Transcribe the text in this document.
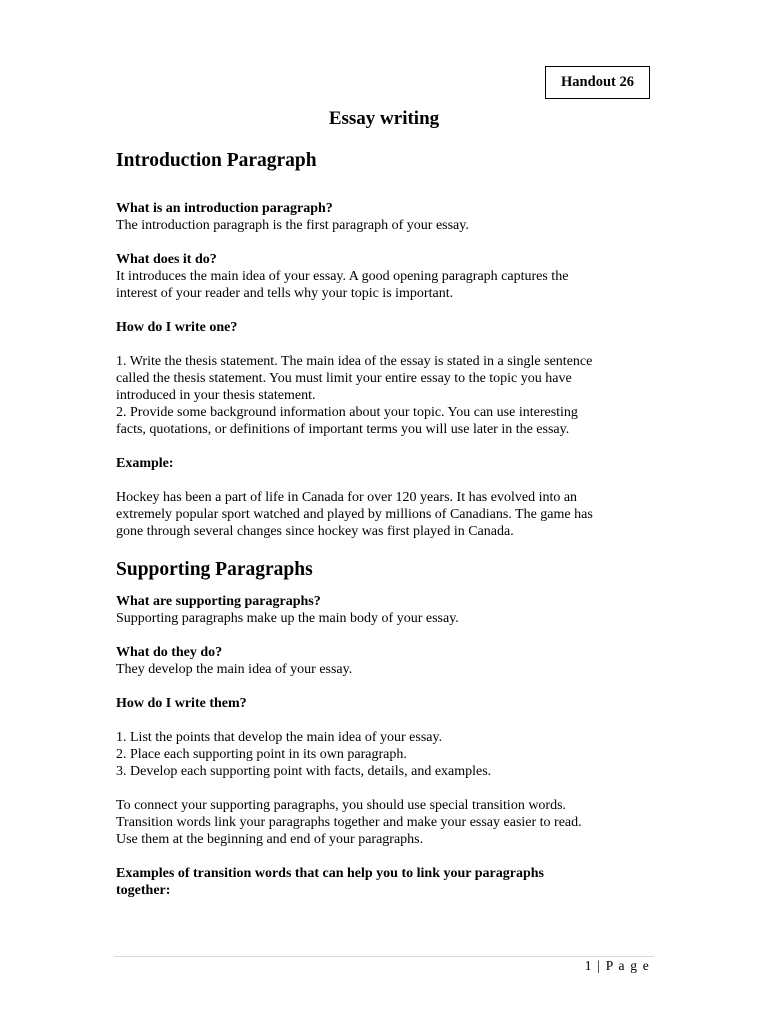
Handout 26
Essay writing
Introduction Paragraph

What is an introduction paragraph?

The introduction paragraph is the first paragraph of your essay.

What does it do?

It introduces the main idea of your essay. A good opening paragraph captures the

interest of your reader and tells why your topic is important.

How do I write one?

1. Write the thesis statement. The main idea of the essay is stated in a single sentence

called the thesis statement. You must limit your entire essay to the topic you have

introduced in your thesis statement.

2. Provide some background information about your topic. You can use interesting

facts, quotations, or definitions of important terms you will use later in the essay.

Example:

Hockey has been a part of life in Canada for over 120 years. It has evolved into an

extremely popular sport watched and played by millions of Canadians. The game has

gone through several changes since hockey was first played in Canada.

Supporting Paragraphs

What are supporting paragraphs?

Supporting paragraphs make up the main body of your essay.

What do they do?

They develop the main idea of your essay.

How do I write them?

1. List the points that develop the main idea of your essay.

2. Place each supporting point in its own paragraph.

3. Develop each supporting point with facts, details, and examples.

To connect your supporting paragraphs, you should use special transition words.

Transition words link your paragraphs together and make your essay easier to read.

Use them at the beginning and end of your paragraphs.

Examples of transition words that can help you to link your paragraphs

together:

1 | P a g e
